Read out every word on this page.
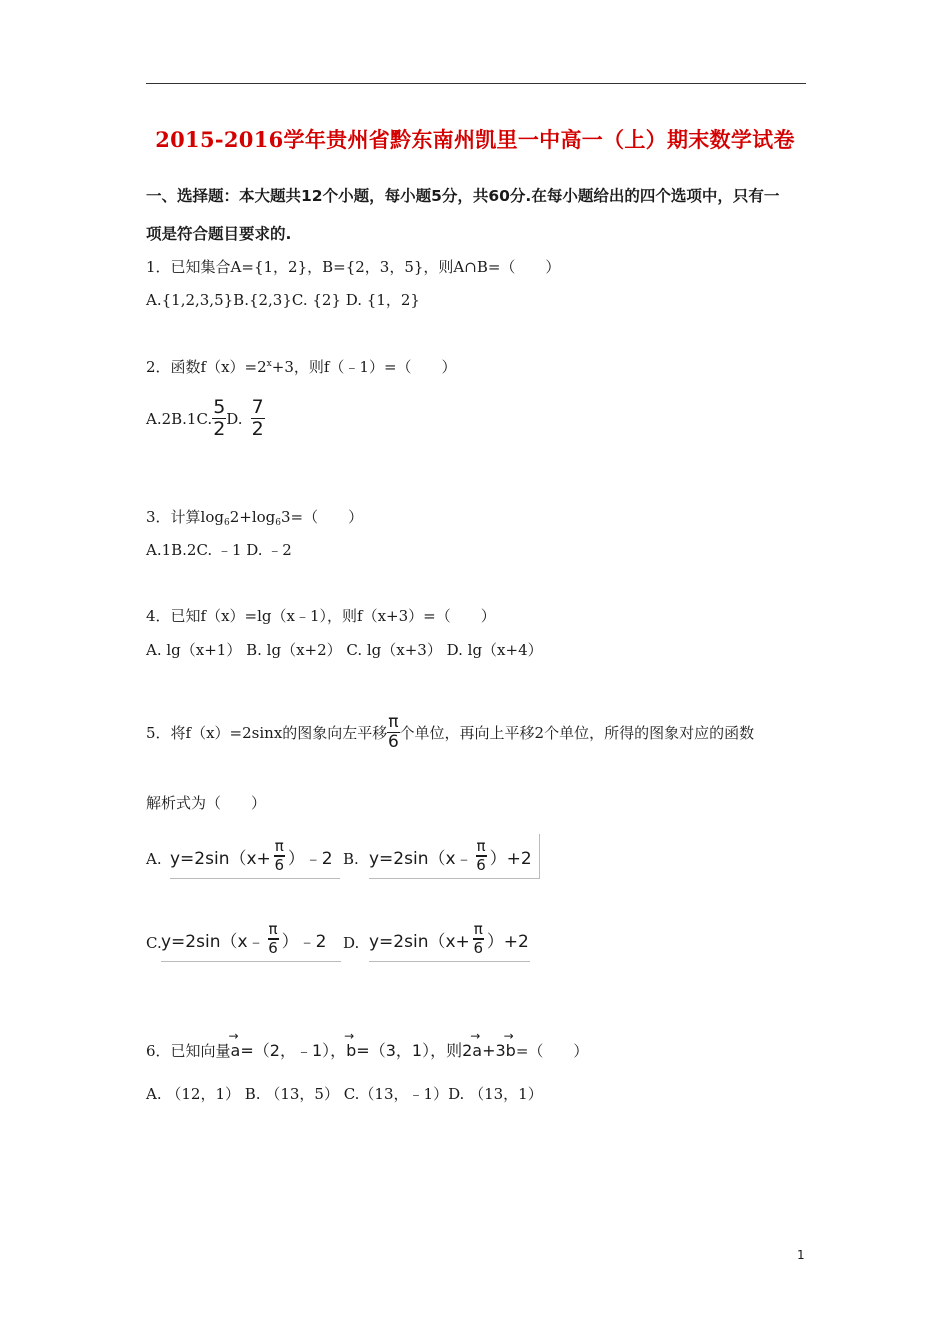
2015-2016学年贵州省黔东南州凯里一中高一（上）期末数学试卷
一、选择题：本大题共12个小题，每小题5分，共60分.在每小题给出的四个选项中，只有一
项是符合题目要求的.
1．已知集合A={1，2}，B={2，3，5}，则A∩B=（　　）
A.{1,2,3,5}B.{2,3}C. {2} D. {1，2}
2．函数$f(x)=2^x+3$，则f（﹣1）=（　　）
A.2B.1C. $\frac{5}{2} D$. $\frac{7}{2}$
3．计算$\log_62+\log_63=$（　　）
A.1B.2C. ﹣1 D. ﹣2
4．已知f（x）=lg（x﹣1），则f（x+3）=（　　）
A. lg（x+1） B. lg（x+2） C. lg（x+3） D. lg（x+4）
5．将f（x）=2sinx的图象向左平移 $\frac{\pi}{6}$ 个单位，再向上平移2个单位，所得的图象对应的函数
解析式为（　　）
A. $y=2\sin(x+ \frac{\pi}{6}$ ）﹣2 B. y=2sin（x﹣ $\frac{\pi}{6} )+2$
C. y=2sin（x﹣ $\frac{\pi}{6}$ ）﹣2 D. $y=2\sin(x+ \frac{\pi}{6} )+2$
6．已知向量→ a=（2，﹣1），→ b=（3，1），则2→ a+3→ b=（　　）
A. （12，1） B. （13，5） C.（13，﹣1）D. （13，1）
1
